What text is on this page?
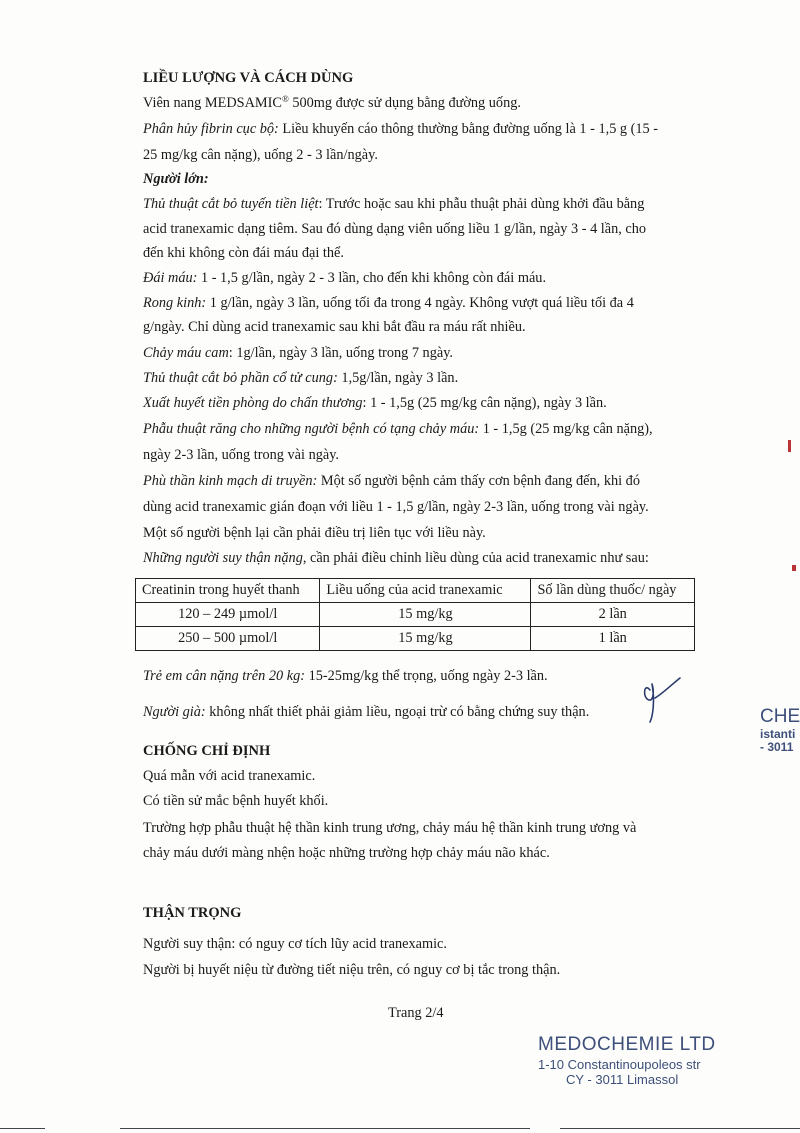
LIỀU LƯỢNG VÀ CÁCH DÙNG
Viên nang MEDSAMIC® 500mg được sử dụng bằng đường uống.
Phân hủy fibrin cục bộ: Liều khuyến cáo thông thường bằng đường uống là 1 - 1,5 g (15 -
25 mg/kg cân nặng), uống 2 - 3 lần/ngày.
Người lớn:
Thủ thuật cắt bỏ tuyến tiền liệt: Trước hoặc sau khi phẫu thuật phải dùng khởi đầu bằng
acid tranexamic dạng tiêm. Sau đó dùng dạng viên uống liều 1 g/lần, ngày 3 - 4 lần, cho
đến khi không còn đái máu đại thể.
Đái máu: 1 - 1,5 g/lần, ngày 2 - 3 lần, cho đến khi không còn đái máu.
Rong kinh: 1 g/lần, ngày 3 lần, uống tối đa trong 4 ngày. Không vượt quá liều tối đa 4
g/ngày. Chỉ dùng acid tranexamic sau khi bắt đầu ra máu rất nhiều.
Chảy máu cam: 1g/lần, ngày 3 lần, uống trong 7 ngày.
Thủ thuật cắt bỏ phần cổ tử cung: 1,5g/lần, ngày 3 lần.
Xuất huyết tiền phòng do chấn thương: 1 - 1,5g (25 mg/kg cân nặng), ngày 3 lần.
Phẫu thuật răng cho những người bệnh có tạng chảy máu: 1 - 1,5g (25 mg/kg cân nặng),
ngày 2-3 lần, uống trong vài ngày.
Phù thần kinh mạch di truyền: Một số người bệnh cảm thấy cơn bệnh đang đến, khi đó
dùng acid tranexamic gián đoạn với liều 1 - 1,5 g/lần, ngày 2-3 lần, uống trong vài ngày.
Một số người bệnh lại cần phải điều trị liên tục với liều này.
Những người suy thận nặng, cần phải điều chỉnh liều dùng của acid tranexamic như sau:
Creatinin trong huyết thanh	Liều uống của acid tranexamic	Số lần dùng thuốc/ ngày
120 – 249 µmol/l	15 mg/kg	2 lần
250 – 500 µmol/l	15 mg/kg	1 lần
Trẻ em cân nặng trên 20 kg: 15-25mg/kg thể trọng, uống ngày 2-3 lần.
Người già: không nhất thiết phải giảm liều, ngoại trừ có bằng chứng suy thận.
CHỐNG CHỈ ĐỊNH
Quá mẫn với acid tranexamic.
Có tiền sử mắc bệnh huyết khối.
Trường hợp phẫu thuật hệ thần kinh trung ương, chảy máu hệ thần kinh trung ương và
chảy máu dưới màng nhện hoặc những trường hợp chảy máu não khác.
THẬN TRỌNG
Người suy thận: có nguy cơ tích lũy acid tranexamic.
Người bị huyết niệu từ đường tiết niệu trên, có nguy cơ bị tắc trong thận.
Trang 2/4
MEDOCHEMIE LTD
1-10 Constantinoupoleos str
CY - 3011 Limassol
CHE
istanti
- 3011
